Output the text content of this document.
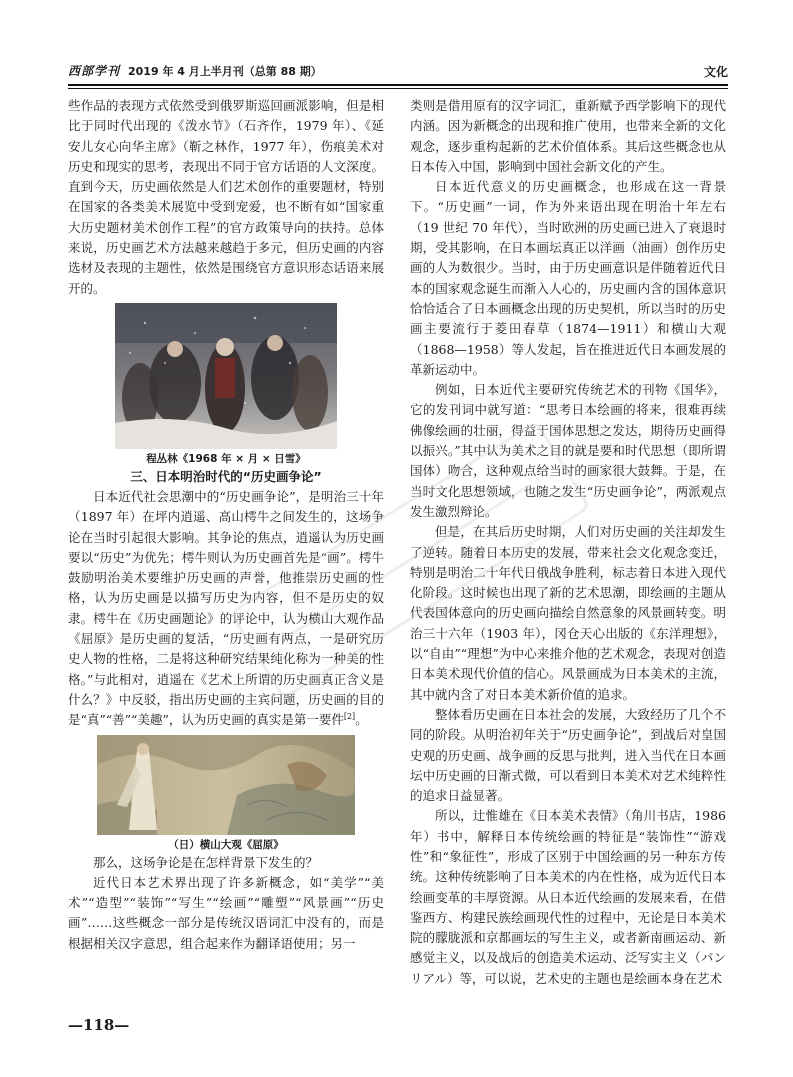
西部学刊 2019 年 4 月上半月刊（总第 88 期）	文化

些作品的表现方式依然受到俄罗斯巡回画派影响，但是相比于同时代出现的《泼水节》（石齐作，1979 年）、《延安儿女心向华主席》（靳之林作，1977 年），伤痕美术对历史和现实的思考，表现出不同于官方话语的人文深度。直到今天，历史画依然是人们艺术创作的重要题材，特别在国家的各类美术展览中受到宠爱，也不断有如“国家重大历史题材美术创作工程”的官方政策导向的扶持。总体来说，历史画艺术方法越来越趋于多元，但历史画的内容选材及表现的主题性，依然是围绕官方意识形态话语来展开的。

程丛林《1968 年 × 月 × 日雪》
三、日本明治时代的“历史画争论”

日本近代社会思潮中的“历史画争论”，是明治三十年（1897 年）在坪内逍遥、高山樗牛之间发生的，这场争论在当时引起很大影响。其争论的焦点，逍遥认为历史画要以“历史”为优先；樗牛则认为历史画首先是“画”。樗牛鼓励明治美术要维护历史画的声誉，他推崇历史画的性格，认为历史画是以描写历史为内容，但不是历史的奴隶。樗牛在《历史画题论》的评论中，认为横山大观作品《屈原》是历史画的复活，“历史画有两点，一是研究历史人物的性格，二是将这种研究结果纯化称为一种美的性格。”与此相对，逍遥在《艺术上所谓的历史画真正含义是什么？》中反驳，指出历史画的主宾问题，历史画的目的是“真”“善”“美趣”，认为历史画的真实是第一要件[2]。

（日）横山大观《屈原》

那么，这场争论是在怎样背景下发生的？

近代日本艺术界出现了许多新概念，如“美学”“美术”“造型”“装饰”“写生”“绘画”“雕塑”“风景画”“历史画”……这些概念一部分是传统汉语词汇中没有的，而是根据相关汉字意思，组合起来作为翻译语使用；另一

类则是借用原有的汉字词汇，重新赋予西学影响下的现代内涵。因为新概念的出现和推广使用，也带来全新的文化观念，逐步重构起新的艺术价值体系。其后这些概念也从日本传入中国，影响到中国社会新文化的产生。

日本近代意义的历史画概念，也形成在这一背景下。“历史画”一词，作为外来语出现在明治十年左右（19 世纪 70 年代），当时欧洲的历史画已进入了衰退时期，受其影响，在日本画坛真正以洋画（油画）创作历史画的人为数很少。当时，由于历史画意识是伴随着近代日本的国家观念诞生而渐入人心的，历史画内含的国体意识恰恰适合了日本画概念出现的历史契机，所以当时的历史画主要流行于菱田春草（1874—1911）和横山大观（1868—1958）等人发起，旨在推进近代日本画发展的革新运动中。

例如，日本近代主要研究传统艺术的刊物《国华》，它的发刊词中就写道：“思考日本绘画的将来，很难再续佛像绘画的壮丽，得益于国体思想之发达，期待历史画得以振兴。”其中认为美术之目的就是要和时代思想（即所谓国体）吻合，这种观点给当时的画家很大鼓舞。于是，在当时文化思想领域，也随之发生“历史画争论”，两派观点发生激烈辩论。

但是，在其后历史时期，人们对历史画的关注却发生了逆转。随着日本历史的发展，带来社会文化观念变迁，特别是明治二十年代日俄战争胜利，标志着日本进入现代化阶段。这时候也出现了新的艺术思潮，即绘画的主题从代表国体意向的历史画向描绘自然意象的风景画转变。明治三十六年（1903 年），冈仓天心出版的《东洋理想》，以“自由”“理想”为中心来推介他的艺术观念，表现对创造日本美术现代价值的信心。风景画成为日本美术的主流，其中就内含了对日本美术新价值的追求。

整体看历史画在日本社会的发展，大致经历了几个不同的阶段。从明治初年关于“历史画争论”，到战后对皇国史观的历史画、战争画的反思与批判，进入当代在日本画坛中历史画的日渐式微，可以看到日本美术对艺术纯粹性的追求日益显著。

所以，辻惟雄在《日本美术表情》（角川书店，1986 年）书中，解释日本传统绘画的特征是“装饰性”“游戏性”和“象征性”，形成了区别于中国绘画的另一种东方传统。这种传统影响了日本美术的内在性格，成为近代日本绘画变革的丰厚资源。从日本近代绘画的发展来看，在借鉴西方、构建民族绘画现代性的过程中，无论是日本美术院的朦胧派和京都画坛的写生主义，或者新南画运动、新感觉主义，以及战后的创造美术运动、泛写实主义（パンリアル）等，可以说，艺术史的主题也是绘画本身在艺术

—118—
